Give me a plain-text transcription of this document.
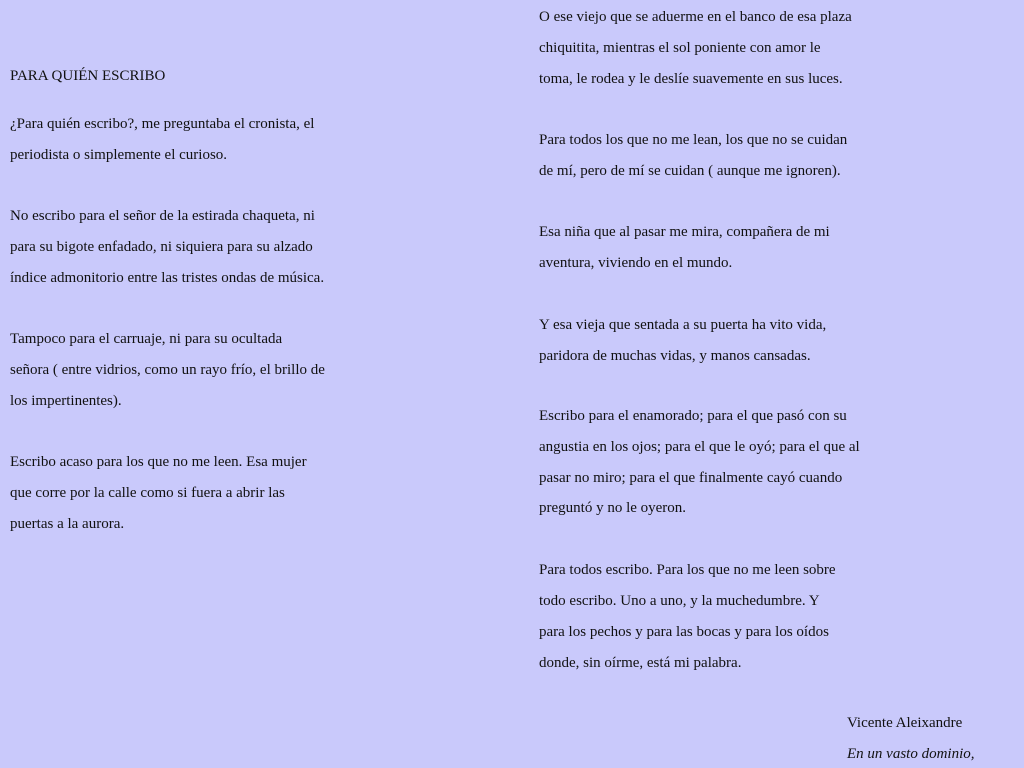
PARA QUIÉN ESCRIBO
¿Para quién escribo?, me preguntaba el cronista, el
periodista o simplemente el curioso.
No escribo para el señor de la estirada chaqueta, ni
para su bigote enfadado, ni siquiera para su alzado
índice admonitorio entre las tristes ondas de música.
Tampoco para el carruaje, ni para su ocultada
señora ( entre vidrios, como un rayo frío, el brillo de
los impertinentes).
Escribo acaso para los que no me leen. Esa mujer
que corre por la calle como si fuera a abrir las
puertas a la aurora.
O ese viejo que se aduerme en el banco de esa plaza
chiquitita, mientras el sol poniente con amor le
toma, le rodea y le deslíe suavemente en sus luces.
Para todos los que no me lean, los que no se cuidan
de mí, pero de mí se cuidan ( aunque me ignoren).
Esa niña que al pasar me mira, compañera de mi
aventura, viviendo en el mundo.
Y esa vieja que sentada a su puerta ha vito vida,
paridora de muchas vidas, y manos cansadas.
Escribo para el enamorado; para el que pasó con su
angustia en los ojos; para el que le oyó; para el que al
pasar no miro; para el que finalmente cayó cuando
preguntó y no le oyeron.
Para todos escribo. Para los que no me leen sobre
todo escribo. Uno a uno, y la muchedumbre. Y
para los pechos y para las bocas y para los oídos
donde, sin oírme, está mi palabra.
Vicente Aleixandre
En un vasto dominio,
